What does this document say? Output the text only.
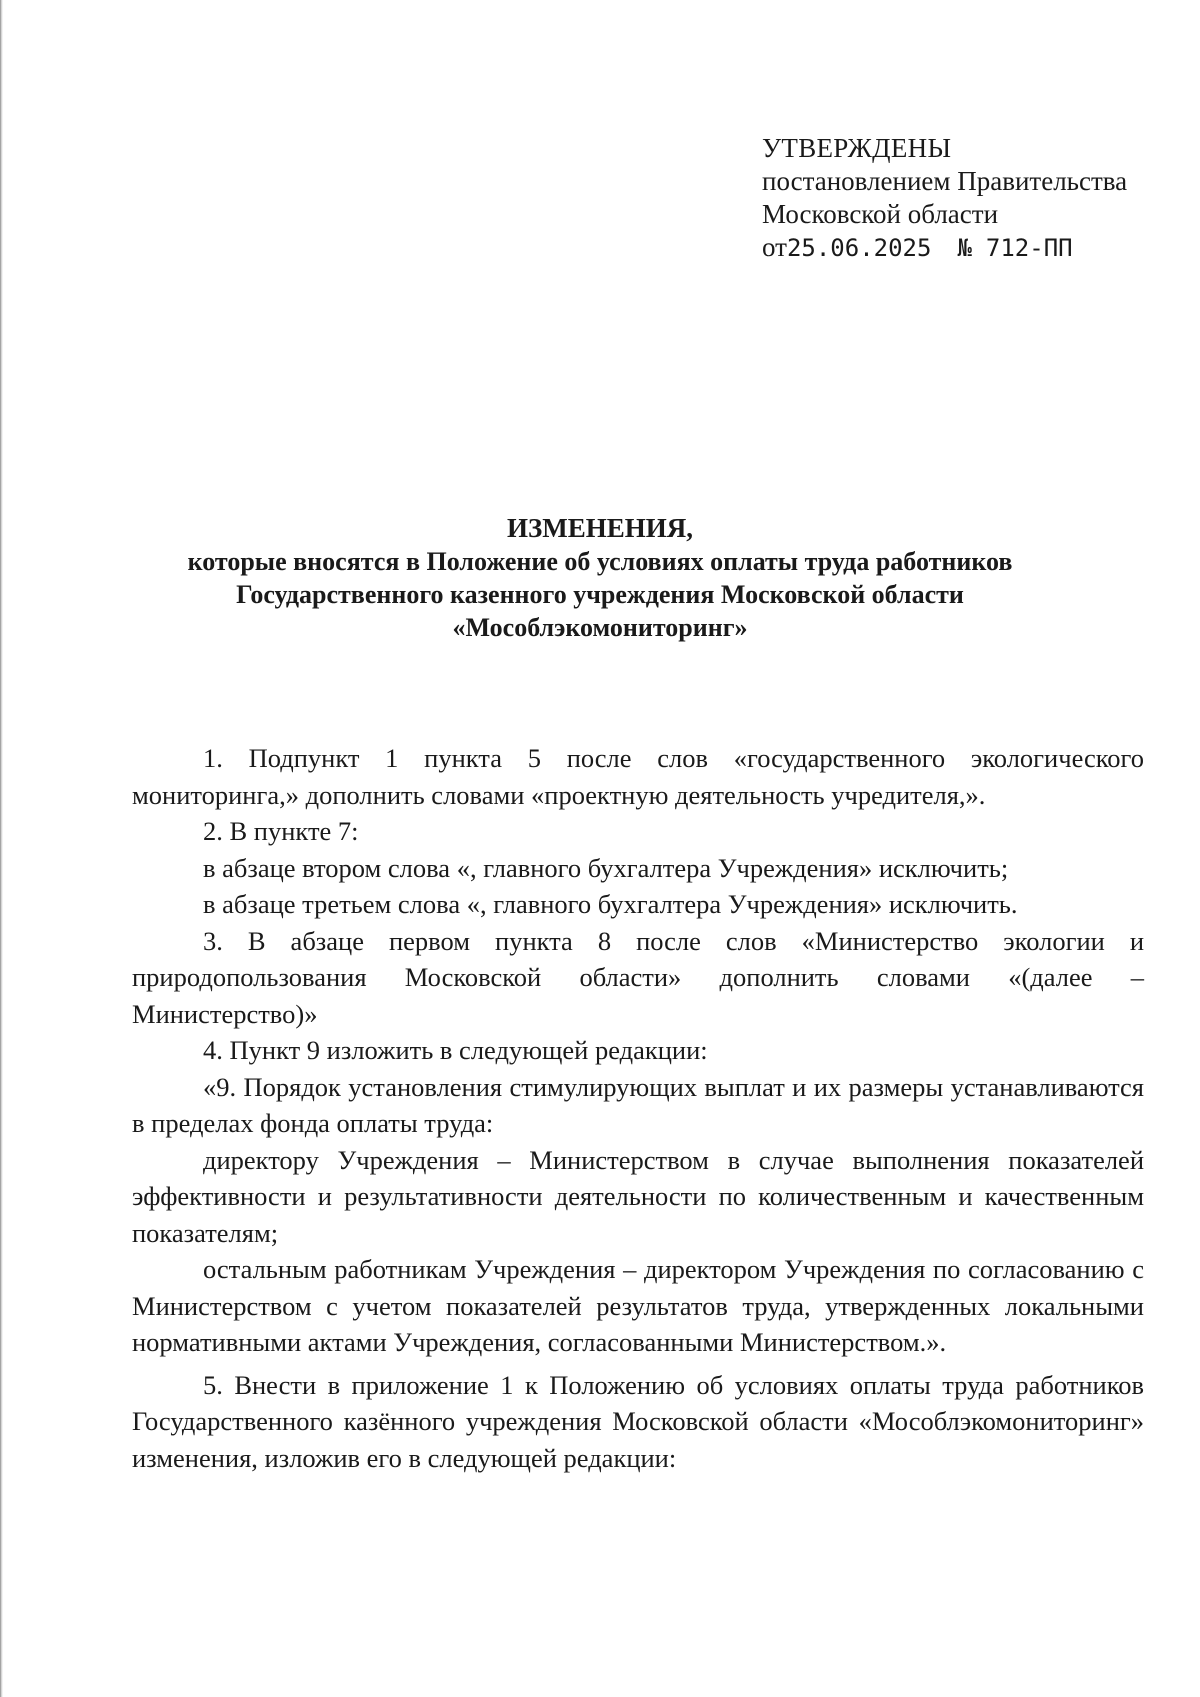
УТВЕРЖДЕНЫ
постановлением Правительства
Московской области
от25.06.2025 № 712-ПП
ИЗМЕНЕНИЯ,
которые вносятся в Положение об условиях оплаты труда работников
Государственного казенного учреждения Московской области
«Мособлэкомониторинг»

1. Подпункт 1 пункта 5 после слов «государственного экологического мониторинга,» дополнить словами «проектную деятельность учредителя,».

2. В пункте 7:

в абзаце втором слова «, главного бухгалтера Учреждения» исключить;

в абзаце третьем слова «, главного бухгалтера Учреждения» исключить.

3. В абзаце первом пункта 8 после слов «Министерство экологии и природопользования Московской области» дополнить словами «(далее – Министерство)»

4. Пункт 9 изложить в следующей редакции:

«9. Порядок установления стимулирующих выплат и их размеры устанавливаются в пределах фонда оплаты труда:

директору Учреждения – Министерством в случае выполнения показателей эффективности и результативности деятельности по количественным и качественным показателям;

остальным работникам Учреждения – директором Учреждения по согласованию с Министерством с учетом показателей результатов труда, утвержденных локальными нормативными актами Учреждения, согласованными Министерством.».

5. Внести в приложение 1 к Положению об условиях оплаты труда работников Государственного казённого учреждения Московской области «Мособлэкомониторинг» изменения, изложив его в следующей редакции:
